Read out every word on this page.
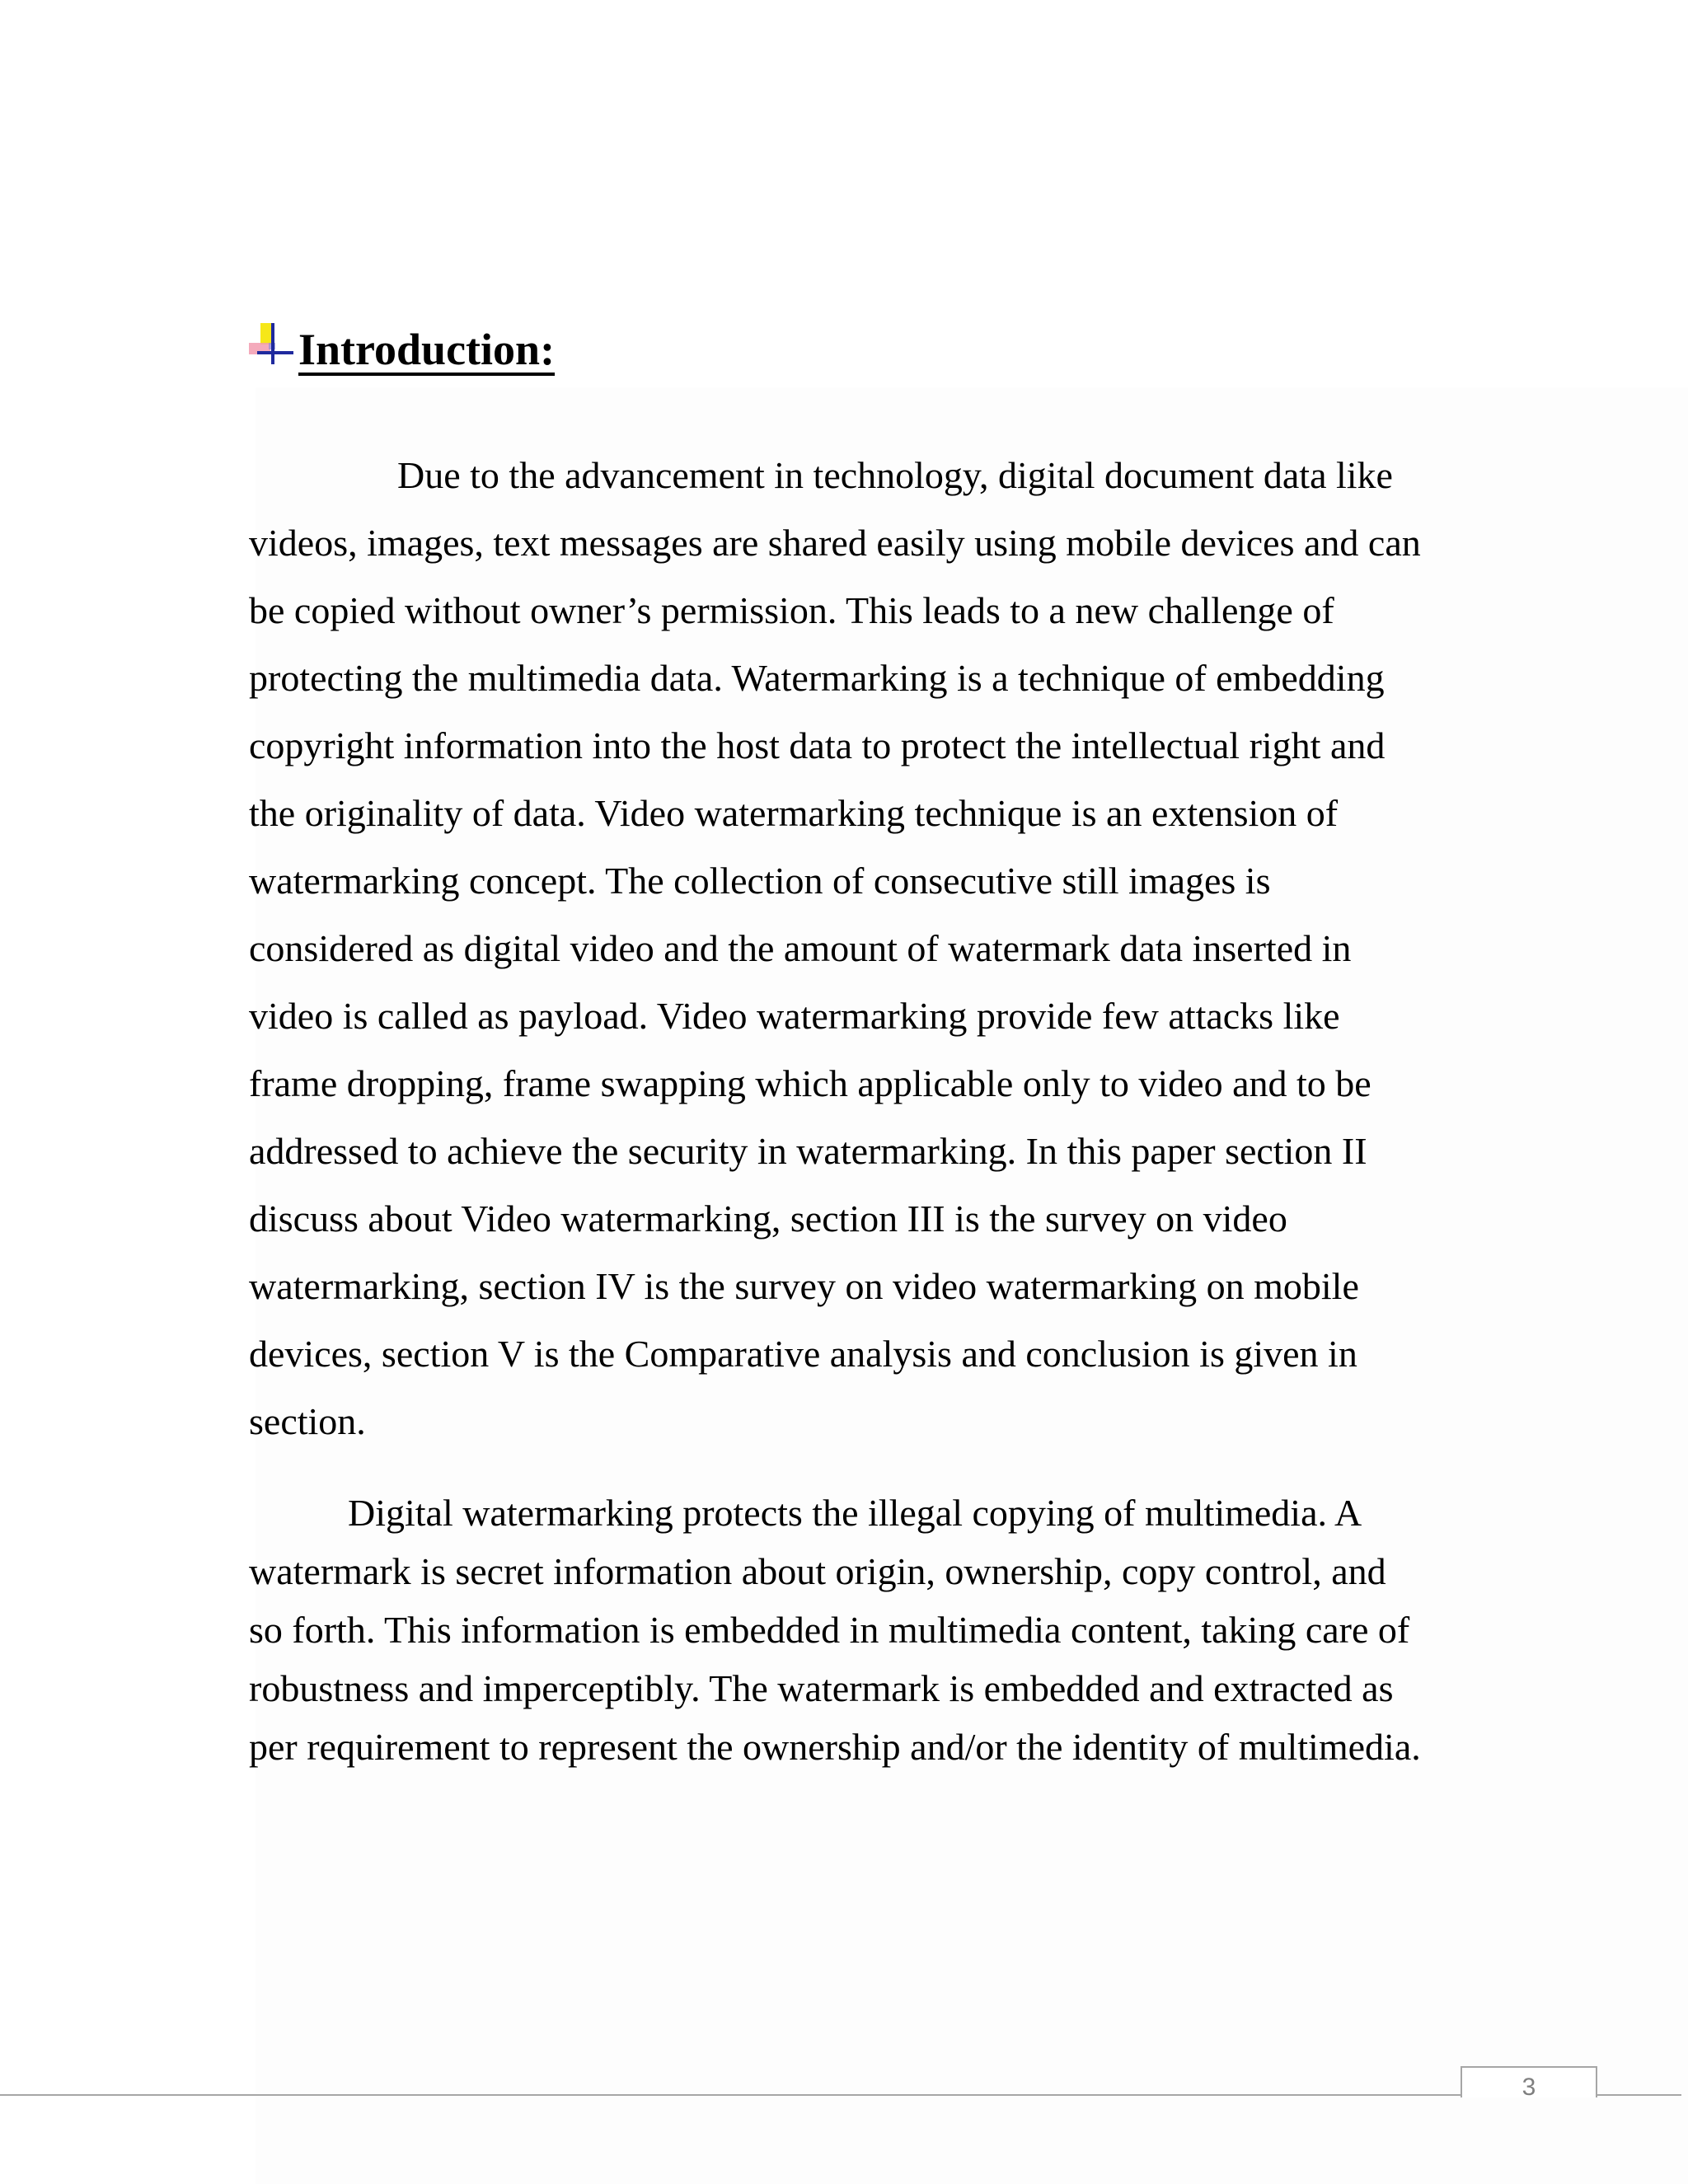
Introduction:

Due to the advancement in technology, digital document data like
videos, images, text messages are shared easily using mobile devices and can
be copied without owner’s permission. This leads to a new challenge of
protecting the multimedia data. Watermarking is a technique of embedding
copyright information into the host data to protect the intellectual right and
the originality of data. Video watermarking technique is an extension of
watermarking concept. The collection of consecutive still images is
considered as digital video and the amount of watermark data inserted in
video is called as payload. Video watermarking provide few attacks like
frame dropping, frame swapping which applicable only to video and to be
addressed to achieve the security in watermarking. In this paper section II
discuss about Video watermarking, section III is the survey on video
watermarking, section IV is the survey on video watermarking on mobile
devices, section V is the Comparative analysis and conclusion is given in
section.

Digital watermarking protects the illegal copying of multimedia. A
watermark is secret information about origin, ownership, copy control, and
so forth. This information is embedded in multimedia content, taking care of
robustness and imperceptibly. The watermark is embedded and extracted as
per requirement to represent the ownership and/or the identity of multimedia.

3
